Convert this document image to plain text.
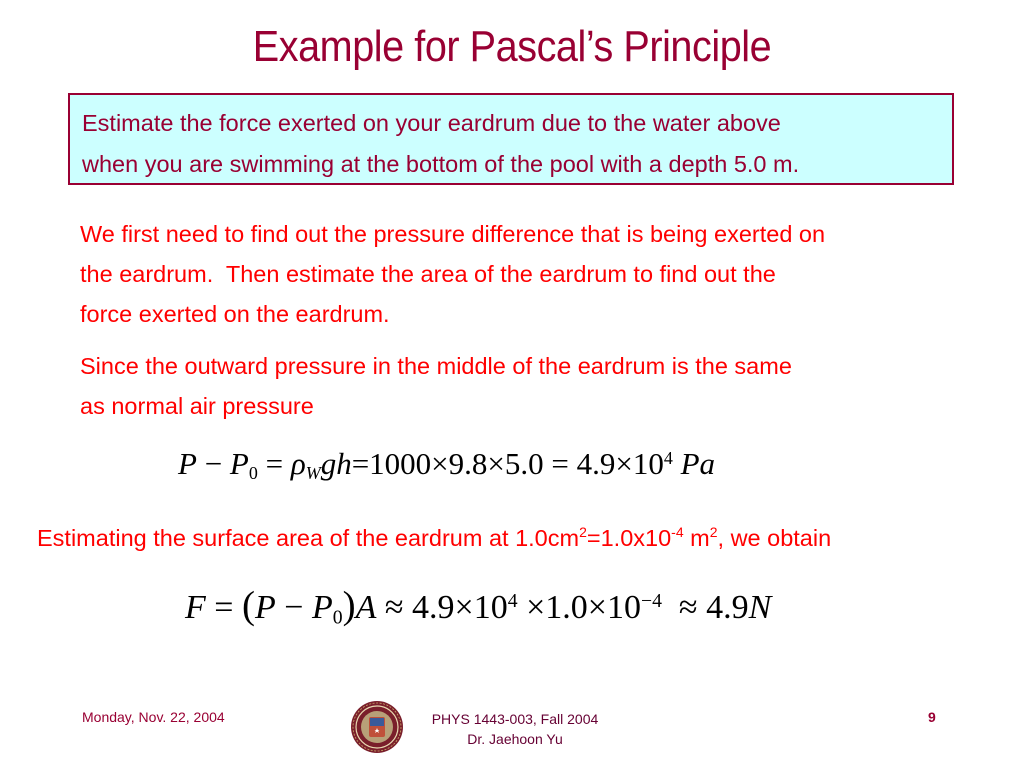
Example for Pascal’s Principle

Estimate the force exerted on your eardrum due to the water above

when you are swimming at the bottom of the pool with a depth 5.0 m.

We first need to find out the pressure difference that is being exerted on
the eardrum.  Then estimate the area of the eardrum to find out the
force exerted on the eardrum.
Since the outward pressure in the middle of the eardrum is the same
as normal air pressure
$P - P_0 = \rho_Wgh=1000\times 9.8\times 5.0 = 4.9\times 10^4$ Pa
Estimating the surface area of the eardrum at $1.0cm^2=1.0x10^{-4}$ $m^2$, we obtain
$F = (P - P_0)A \approx 4.9\times 10^4 \times 1.0\times 10^{-4} \approx 4.9N$
Monday, Nov. 22, 2004	PHYS 1443-003, Fall 2004
Dr. Jaehoon Yu
9
